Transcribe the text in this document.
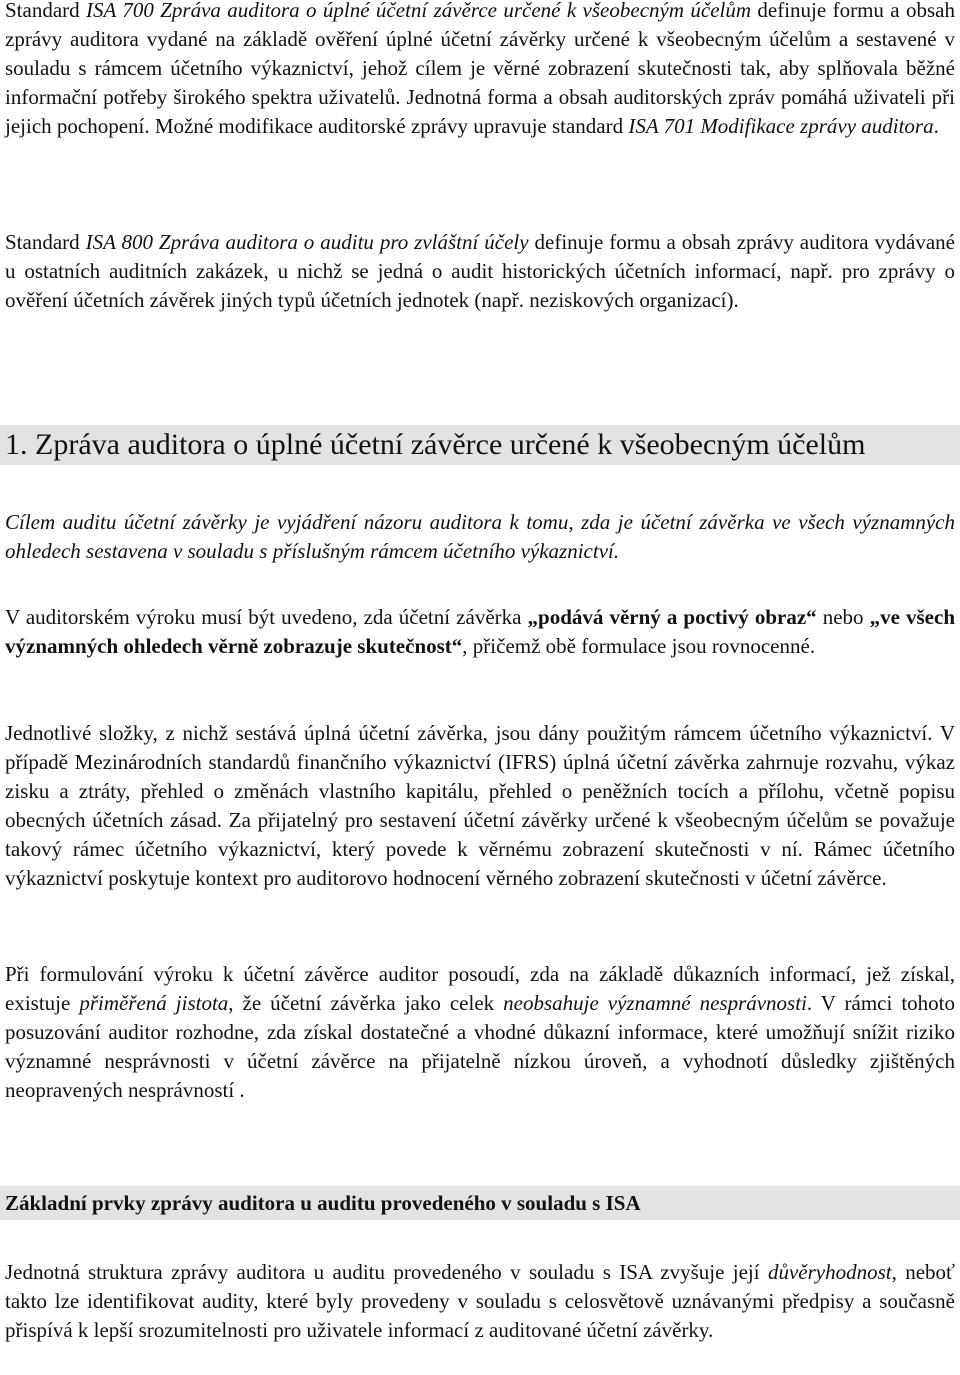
Standard ISA 700 Zpráva auditora o úplné účetní závěrce určené k všeobecným účelům definuje formu a obsah zprávy auditora vydané na základě ověření úplné účetní závěrky určené k všeobecným účelům a sestavené v souladu s rámcem účetního výkaznictví, jehož cílem je věrné zobrazení skutečnosti tak, aby splňovala běžné informační potřeby širokého spektra uživatelů. Jednotná forma a obsah auditorských zpráv pomáhá uživateli při jejich pochopení. Možné modifikace auditorské zprávy upravuje standard ISA 701 Modifikace zprávy auditora.

Standard ISA 800 Zpráva auditora o auditu pro zvláštní účely definuje formu a obsah zprávy auditora vydávané u ostatních auditních zakázek, u nichž se jedná o audit historických účetních informací, např. pro zprávy o ověření účetních závěrek jiných typů účetních jednotek (např. neziskových organizací).

1. Zpráva auditora o úplné účetní závěrce určené k všeobecným účelům

Cílem auditu účetní závěrky je vyjádření názoru auditora k tomu, zda je účetní závěrka ve všech významných ohledech sestavena v souladu s příslušným rámcem účetního výkaznictví.

V auditorském výroku musí být uvedeno, zda účetní závěrka „podává věrný a poctivý obraz“ nebo „ve všech významných ohledech věrně zobrazuje skutečnost“, přičemž obě formulace jsou rovnocenné.

Jednotlivé složky, z nichž sestává úplná účetní závěrka, jsou dány použitým rámcem účetního výkaznictví. V případě Mezinárodních standardů finančního výkaznictví (IFRS) úplná účetní závěrka zahrnuje rozvahu, výkaz zisku a ztráty, přehled o změnách vlastního kapitálu, přehled o peněžních tocích a přílohu, včetně popisu obecných účetních zásad. Za přijatelný pro sestavení účetní závěrky určené k všeobecným účelům se považuje takový rámec účetního výkaznictví, který povede k věrnému zobrazení skutečnosti v ní. Rámec účetního výkaznictví poskytuje kontext pro auditorovo hodnocení věrného zobrazení skutečnosti v účetní závěrce.

Při formulování výroku k účetní závěrce auditor posoudí, zda na základě důkazních informací, jež získal, existuje přiměřená jistota, že účetní závěrka jako celek neobsahuje významné nesprávnosti. V rámci tohoto posuzování auditor rozhodne, zda získal dostatečné a vhodné důkazní informace, které umožňují snížit riziko významné nesprávnosti v účetní závěrce na přijatelně nízkou úroveň, a vyhodnotí důsledky zjištěných neopravených nesprávností .

Základní prvky zprávy auditora u auditu provedeného v souladu s ISA

Jednotná struktura zprávy auditora u auditu provedeného v souladu s ISA zvyšuje její důvěryhodnost, neboť takto lze identifikovat audity, které byly provedeny v souladu s celosvětově uznávanými předpisy a současně přispívá k lepší srozumitelnosti pro uživatele informací z auditované účetní závěrky.
